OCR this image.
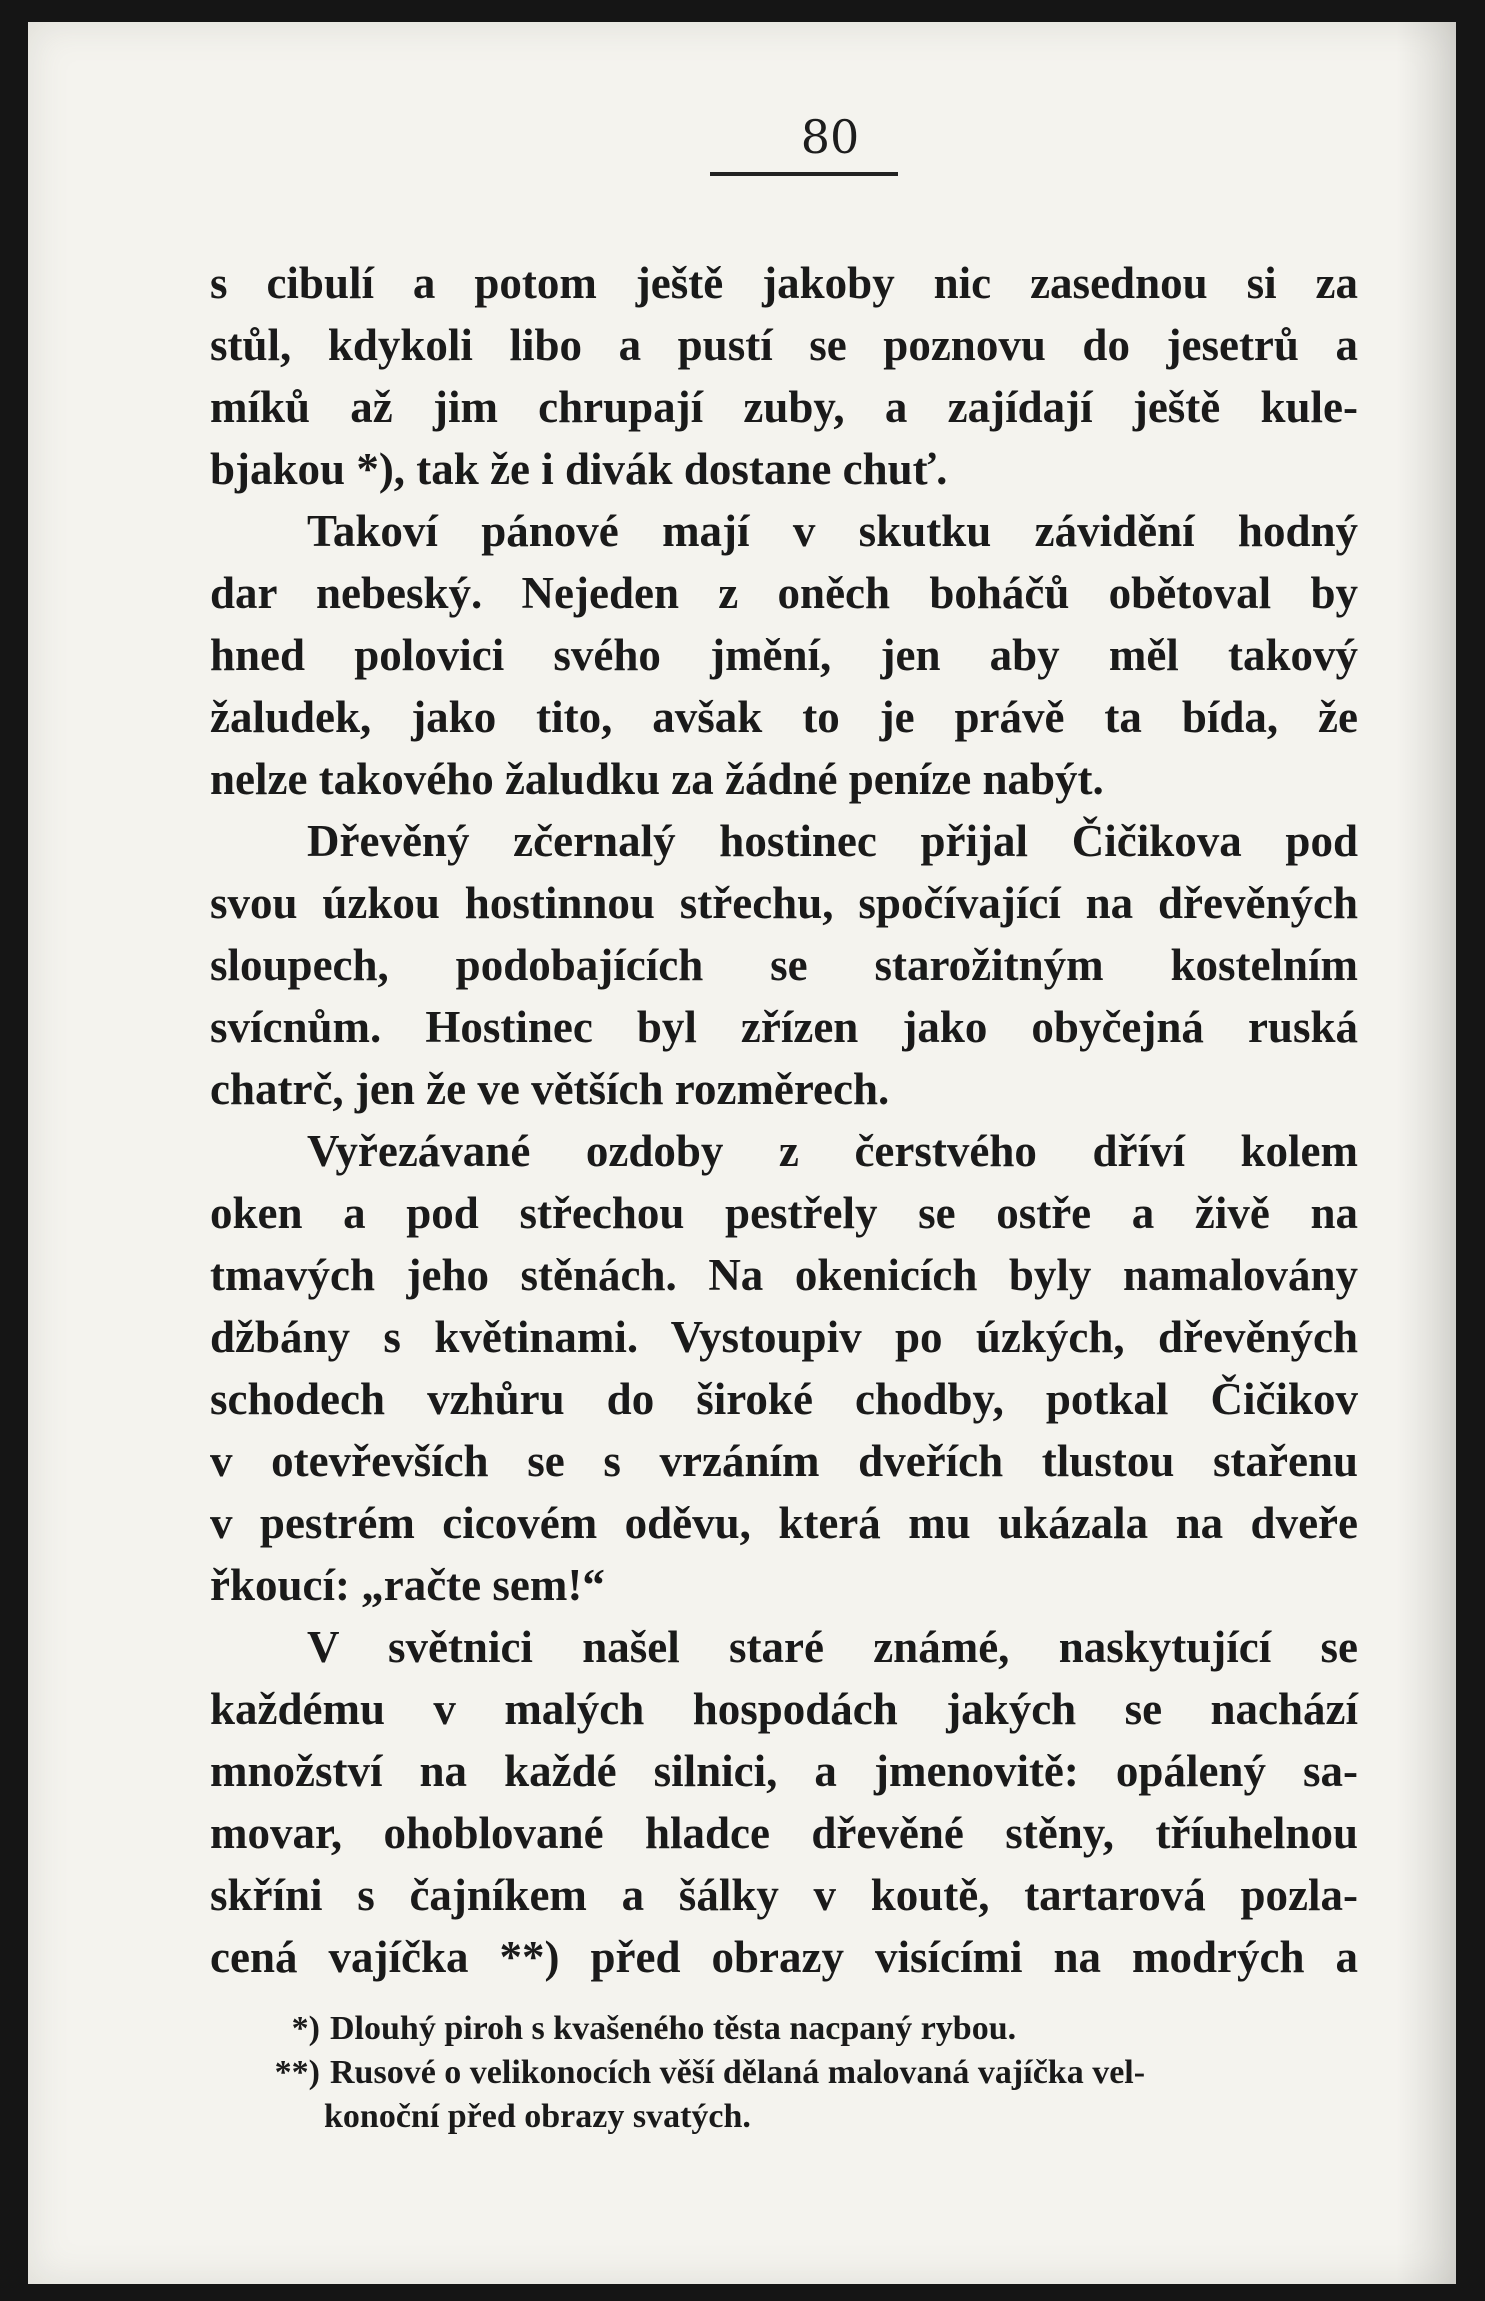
80
s cibulí a potom ještě jakoby nic zasednou si za
stůl, kdykoli libo a pustí se poznovu do jesetrů a
míků až jim chrupají zuby, a zajídají ještě kule-
bjakou *), tak že i divák dostane chuť.
Takoví pánové mají v skutku závidění hodný
dar nebeský. Nejeden z oněch boháčů obětoval by
hned polovici svého jmění, jen aby měl takový
žaludek, jako tito, avšak to je právě ta bída, že
nelze takového žaludku za žádné peníze nabýt.
Dřevěný zčernalý hostinec přijal Čičikova pod
svou úzkou hostinnou střechu, spočívající na dřevěných
sloupech, podobajících se starožitným kostelním
svícnům. Hostinec byl zřízen jako obyčejná ruská
chatrč, jen že ve větších rozměrech.
Vyřezávané ozdoby z čerstvého dříví kolem
oken a pod střechou pestřely se ostře a živě na
tmavých jeho stěnách. Na okenicích byly namalovány
džbány s květinami. Vystoupiv po úzkých, dřevěných
schodech vzhůru do široké chodby, potkal Čičikov
v otevřevších se s vrzáním dveřích tlustou stařenu
v pestrém cicovém oděvu, která mu ukázala na dveře
řkoucí: „račte sem!“
V světnici našel staré známé, naskytující se
každému v malých hospodách jakých se nachází
množství na každé silnici, a jmenovitě: opálený sa-
movar, ohoblované hladce dřevěné stěny, tříuhelnou
skříni s čajníkem a šálky v koutě, tartarová pozla-
cená vajíčka **) před obrazy visícími na modrých a
*) Dlouhý piroh s kvašeného těsta nacpaný rybou.
**) Rusové o velikonocích věší dělaná malovaná vajíčka vel-
konoční před obrazy svatých.
